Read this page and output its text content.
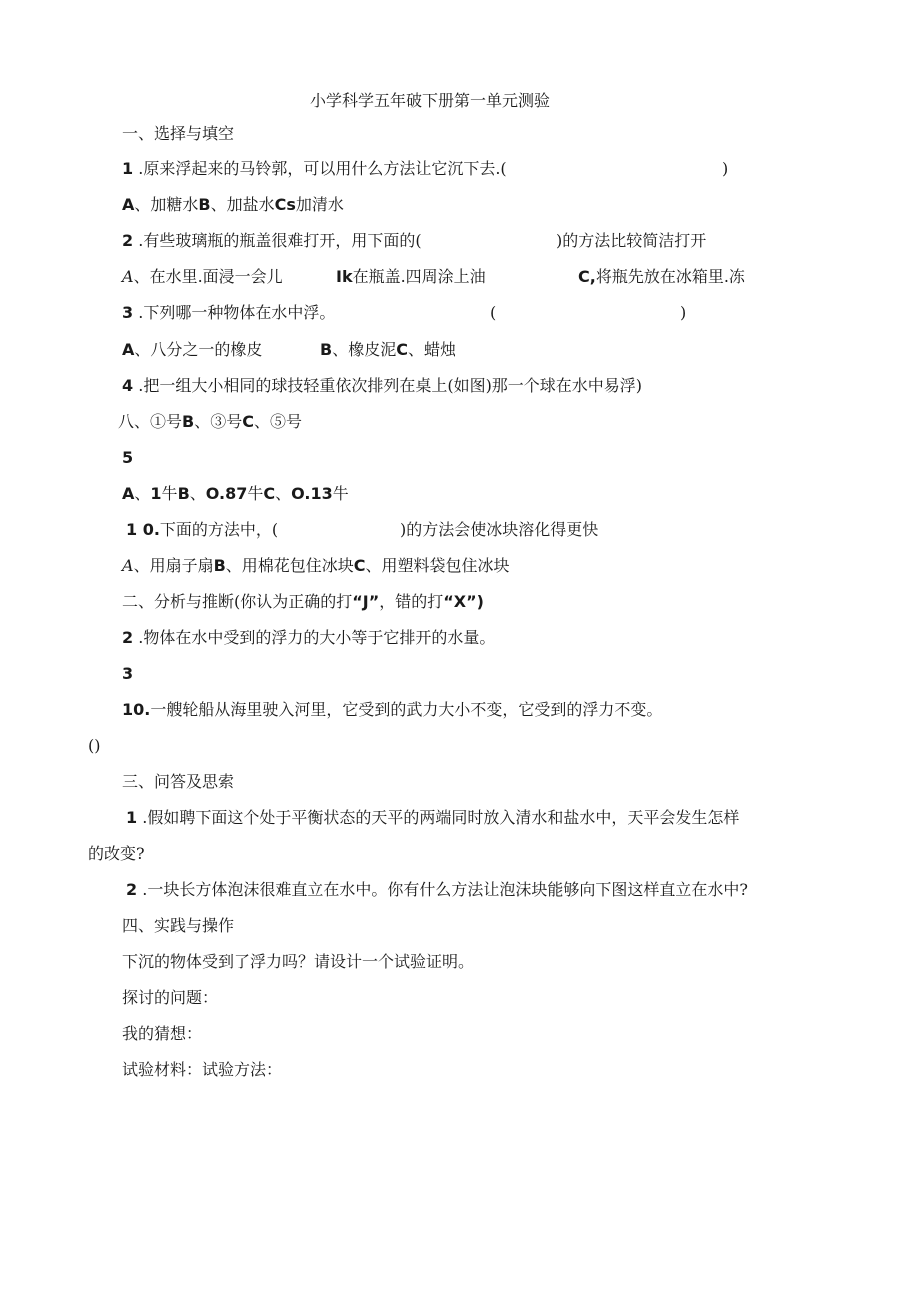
小学科学五年破下册第一单元测验
一、选择与填空
1 .原来浮起来的马铃郭，可以用什么方法让它沉下去.(	)
A、加糖水B、加盐水Cs加清水
2 .有些玻璃瓶的瓶盖很难打开，用下面的(	)的方法比较简洁打开
A、在水里.面浸一会儿	Ik在瓶盖.四周涂上油	C,将瓶先放在冰箱里.冻
3 .下列哪一种物体在水中浮。	(	)
A、八分之一的橡皮	B、橡皮泥C、蜡烛
4 .把一组大小相同的球技轻重依次排列在桌上(如图)那一个球在水中易浮)
八、①号B、③号C、⑤号
5
A、1牛B、O.87牛C、O.13牛
1 0.下面的方法中，(	)的方法会使冰块溶化得更快
A、用扇子扇B、用棉花包住冰块C、用塑料袋包住冰块
二、分析与推断(你认为正确的打“J”，错的打“X”)
2 .物体在水中受到的浮力的大小等于它排开的水量。
3
10.一艘轮船从海里驶入河里，它受到的武力大小不变，它受到的浮力不变。
()
三、问答及思索
1 .假如聘下面这个处于平衡状态的天平的两端同时放入清水和盐水中，天平会发生怎样
的改变?
2 .一块长方体泡沫很难直立在水中。你有什么方法让泡沫块能够向下图这样直立在水中?
四、实践与操作
下沉的物体受到了浮力吗？请设计一个试验证明。
探讨的问题：
我的猜想：
试验材料：试验方法：
